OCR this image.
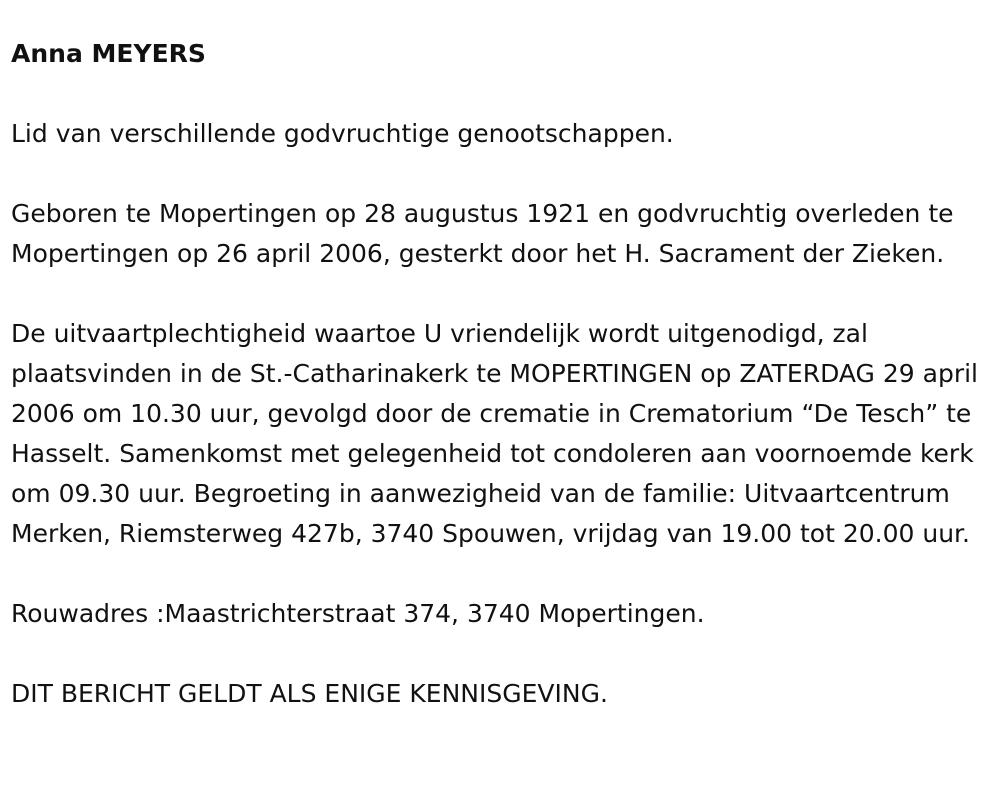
Anna MEYERS

Lid van verschillende godvruchtige genootschappen.

Geboren te Mopertingen op 28 augustus 1921 en godvruchtig overleden te Mopertingen op 26 april 2006, gesterkt door het H. Sacrament der Zieken.

De uitvaartplechtigheid waartoe U vriendelijk wordt uitgenodigd, zal plaatsvinden in de St.-Catharinakerk te MOPERTINGEN op ZATERDAG 29 april 2006 om 10.30 uur, gevolgd door de crematie in Crematorium “De Tesch” te Hasselt. Samenkomst met gelegenheid tot condoleren aan voornoemde kerk om 09.30 uur. Begroeting in aanwezigheid van de familie: Uitvaartcentrum Merken, Riemsterweg 427b, 3740 Spouwen, vrijdag van 19.00 tot 20.00 uur.

Rouwadres :Maastrichterstraat 374, 3740 Mopertingen.

DIT BERICHT GELDT ALS ENIGE KENNISGEVING.
